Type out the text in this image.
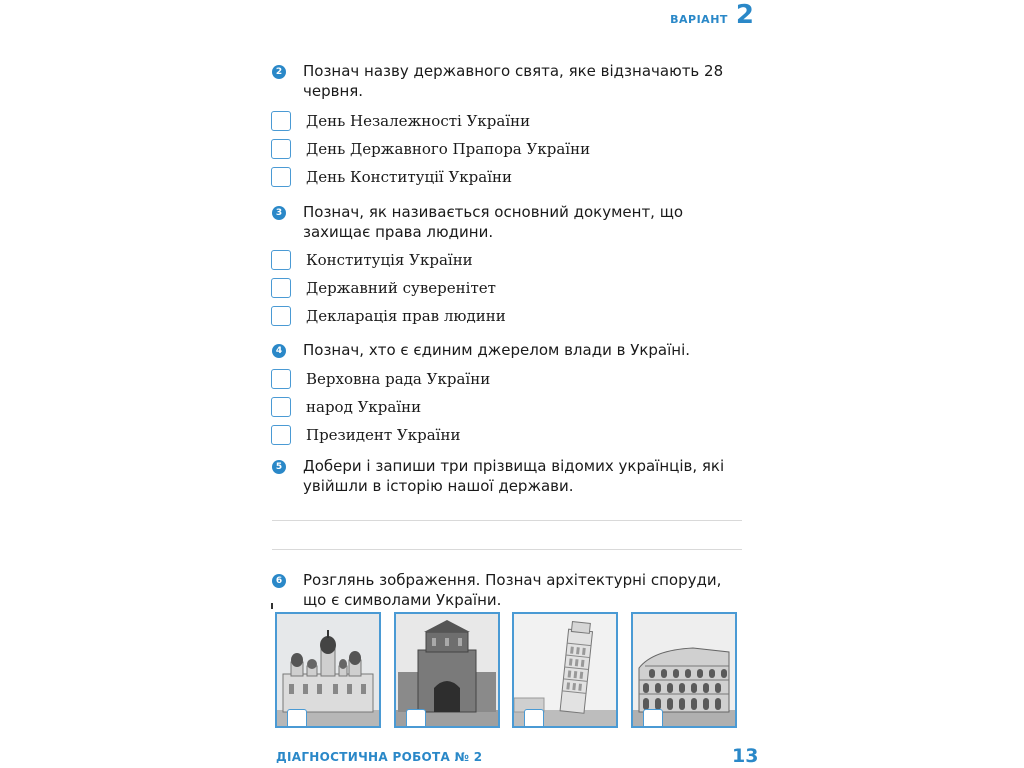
ВАРІАНТ 2
2 Познач назву державного свята, яке відзначають 28 червня.
День Незалежності України
День Державного Прапора України
День Конституції України
3 Познач, як називається основний документ, що захищає права людини.
Конституція України
Державний суверенітет
Декларація прав людини
4 Познач, хто є єдиним джерелом влади в Україні.
Верховна рада України
народ України
Президент України
5 Добери і запиши три прізвища відомих українців, які увійшли в історію нашої держави.
6 Розглянь зображення. Познач архітектурні споруди, що є символами України.
ДІАГНОСТИЧНА РОБОТА № 2	13
